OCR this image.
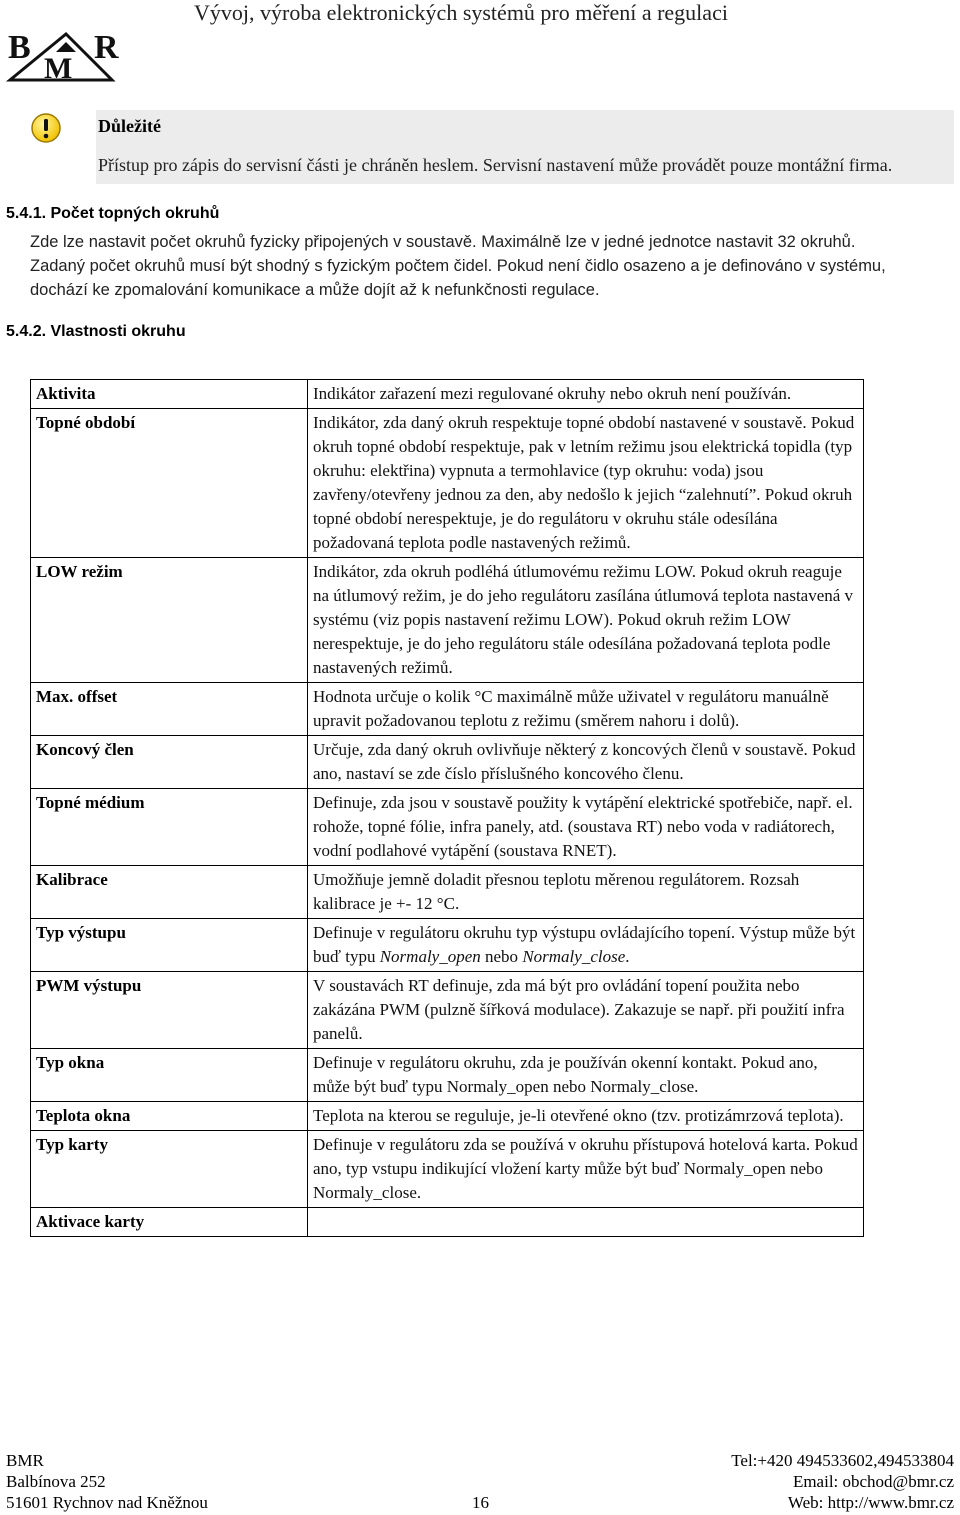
Vývoj, výroba elektronických systémů pro měření a regulaci
B
M
R
Důležité
Přístup pro zápis do servisní části je chráněn heslem. Servisní nastavení může provádět pouze montážní firma.
5.4.1. Počet topných okruhů
Zde lze nastavit počet okruhů fyzicky připojených v soustavě. Maximálně lze v jedné jednotce nastavit 32 okruhů.
Zadaný počet okruhů musí být shodný s fyzickým počtem čidel. Pokud není čidlo osazeno a je definováno v systému,
dochází ke zpomalování komunikace a může dojít až k nefunkčnosti regulace.
5.4.2. Vlastnosti okruhu
Aktivita	Indikátor zařazení mezi regulované okruhy nebo okruh není používán.
Topné období	Indikátor, zda daný okruh respektuje topné období nastavené v soustavě. Pokud okruh topné období respektuje, pak v letním režimu jsou elektrická topidla (typ okruhu: elektřina) vypnuta a termohlavice (typ okruhu: voda) jsou zavřeny/otevřeny jednou za den, aby nedošlo k jejich “zalehnutí”. Pokud okruh topné období nerespektuje, je do regulátoru v okruhu stále odesílána požadovaná teplota podle nastavených režimů.
LOW režim	Indikátor, zda okruh podléhá útlumovému režimu LOW. Pokud okruh reaguje na útlumový režim, je do jeho regulátoru zasílána útlumová teplota nastavená v systému (viz popis nastavení režimu LOW). Pokud okruh režim LOW nerespektuje, je do jeho regulátoru stále odesílána požadovaná teplota podle nastavených režimů.
Max. offset	Hodnota určuje o kolik °C maximálně může uživatel v regulátoru manuálně upravit požadovanou teplotu z režimu (směrem nahoru i dolů).
Koncový člen	Určuje, zda daný okruh ovlivňuje některý z koncových členů v soustavě. Pokud ano, nastaví se zde číslo příslušného koncového členu.
Topné médium	Definuje, zda jsou v soustavě použity k vytápění elektrické spotřebiče, např. el. rohože, topné fólie, infra panely, atd. (soustava RT) nebo voda v radiátorech, vodní podlahové vytápění (soustava RNET).
Kalibrace	Umožňuje jemně doladit přesnou teplotu měrenou regulátorem. Rozsah kalibrace je +- 12 °C.
Typ výstupu	Definuje v regulátoru okruhu typ výstupu ovládajícího topení. Výstup může být buď typu Normaly_open nebo Normaly_close.
PWM výstupu	V soustavách RT definuje, zda má být pro ovládání topení použita nebo zakázána PWM (pulzně šířková modulace). Zakazuje se např. při použití infra panelů.
Typ okna	Definuje v regulátoru okruhu, zda je používán okenní kontakt. Pokud ano, může být buď typu Normaly_open nebo Normaly_close.
Teplota okna	Teplota na kterou se reguluje, je-li otevřené okno (tzv. protizámrzová teplota).
Typ karty	Definuje v regulátoru zda se používá v okruhu přístupová hotelová karta. Pokud ano, typ vstupu indikující vložení karty může být buď Normaly_open nebo Normaly_close.
Aktivace karty	
BMR
Balbínova 252
51601 Rychnov nad Kněžnou	16
Tel:+420 494533602,494533804
Email: obchod@bmr.cz
Web: http://www.bmr.cz
